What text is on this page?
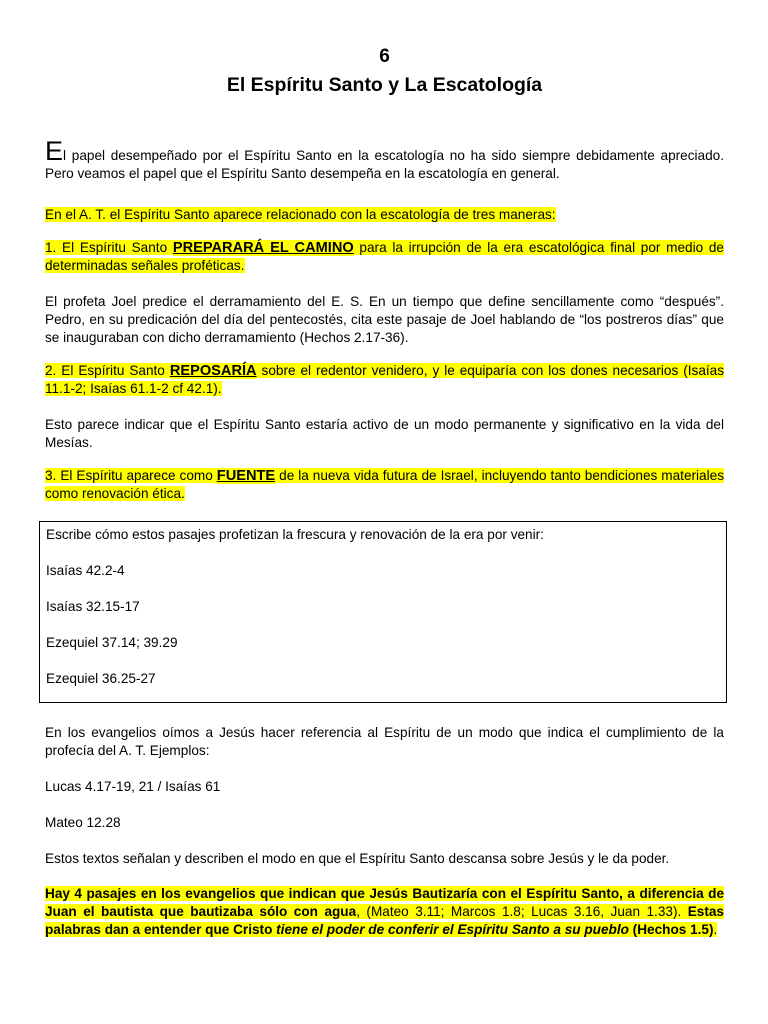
6
El Espíritu Santo y La Escatología
El papel desempeñado por el Espíritu Santo en la escatología no ha sido siempre debidamente apreciado. Pero veamos el papel que el Espíritu Santo desempeña en la escatología en general.
En el A. T. el Espíritu Santo aparece relacionado con la escatología de tres maneras:
1. El Espíritu Santo PREPARARÁ EL CAMINO para la irrupción de la era escatológica final por medio de determinadas señales proféticas.
El profeta Joel predice el derramamiento del E. S. En un tiempo que define sencillamente como “después”. Pedro, en su predicación del día del pentecostés, cita este pasaje de Joel hablando de “los postreros días” que se inauguraban con dicho derramamiento (Hechos 2.17-36).
2. El Espíritu Santo REPOSARÍA sobre el redentor venidero, y le equiparía con los dones necesarios (Isaías 11.1-2; Isaías 61.1-2 cf 42.1).
Esto parece indicar que el Espíritu Santo estaría activo de un modo permanente y significativo en la vida del Mesías.
3. El Espíritu aparece como FUENTE de la nueva vida futura de Israel, incluyendo tanto bendiciones materiales como renovación ética.
Escribe cómo estos pasajes profetizan la frescura y renovación de la era por venir:
Isaías 42.2-4
Isaías 32.15-17
Ezequiel 37.14; 39.29
Ezequiel 36.25-27
En los evangelios oímos a Jesús hacer referencia al Espíritu de un modo que indica el cumplimiento de la profecía del A. T. Ejemplos:
Lucas 4.17-19, 21 / Isaías 61
Mateo 12.28
Estos textos señalan y describen el modo en que el Espíritu Santo descansa sobre Jesús y le da poder.
Hay 4 pasajes en los evangelios que indican que Jesús Bautizaría con el Espíritu Santo, a diferencia de Juan el bautista que bautizaba sólo con agua, (Mateo 3.11; Marcos 1.8; Lucas 3.16, Juan 1.33). Estas palabras dan a entender que Cristo tiene el poder de conferir el Espíritu Santo a su pueblo (Hechos 1.5).
